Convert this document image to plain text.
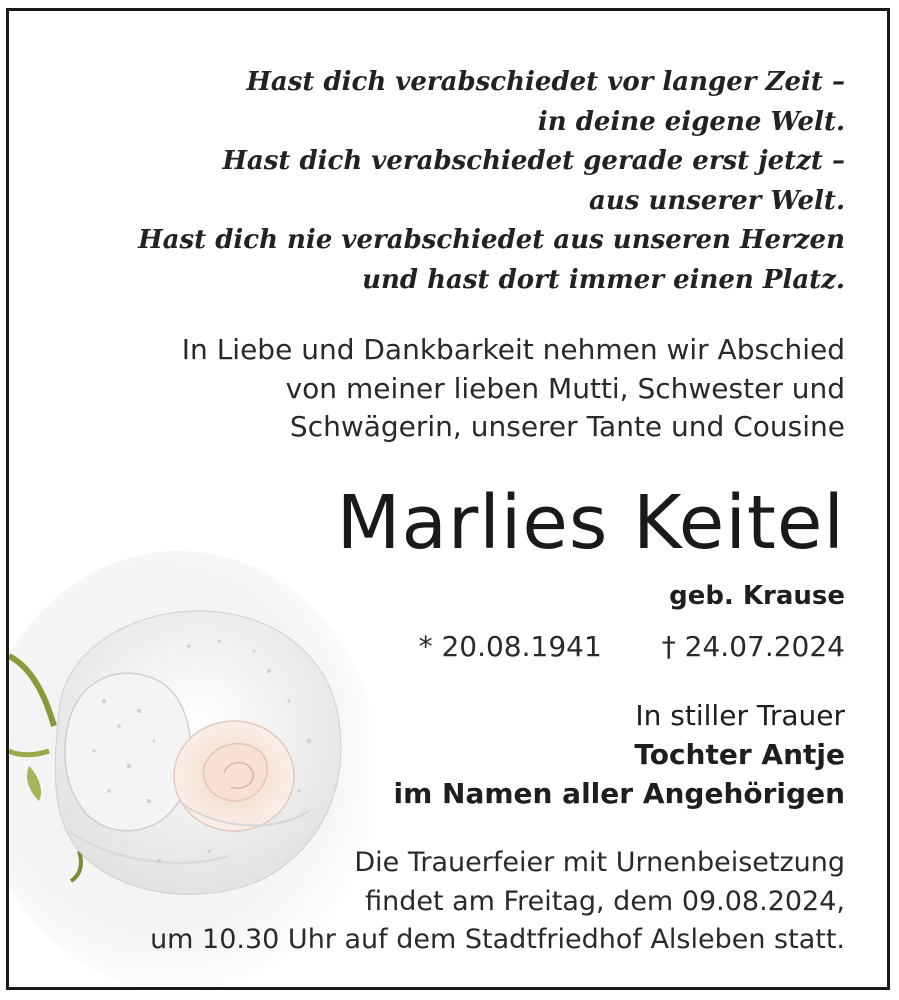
Hast dich verabschiedet vor langer Zeit –
in deine eigene Welt.
Hast dich verabschiedet gerade erst jetzt –
aus unserer Welt.
Hast dich nie verabschiedet aus unseren Herzen
und hast dort immer einen Platz.
In Liebe und Dankbarkeit nehmen wir Abschied
von meiner lieben Mutti, Schwester und
Schwägerin, unserer Tante und Cousine
Marlies Keitel
geb. Krause
* 20.08.1941 † 24.07.2024
In stiller Trauer
Tochter Antje
im Namen aller Angehörigen
Die Trauerfeier mit Urnenbeisetzung
findet am Freitag, dem 09.08.2024,
um 10.30 Uhr auf dem Stadtfriedhof Alsleben statt.
